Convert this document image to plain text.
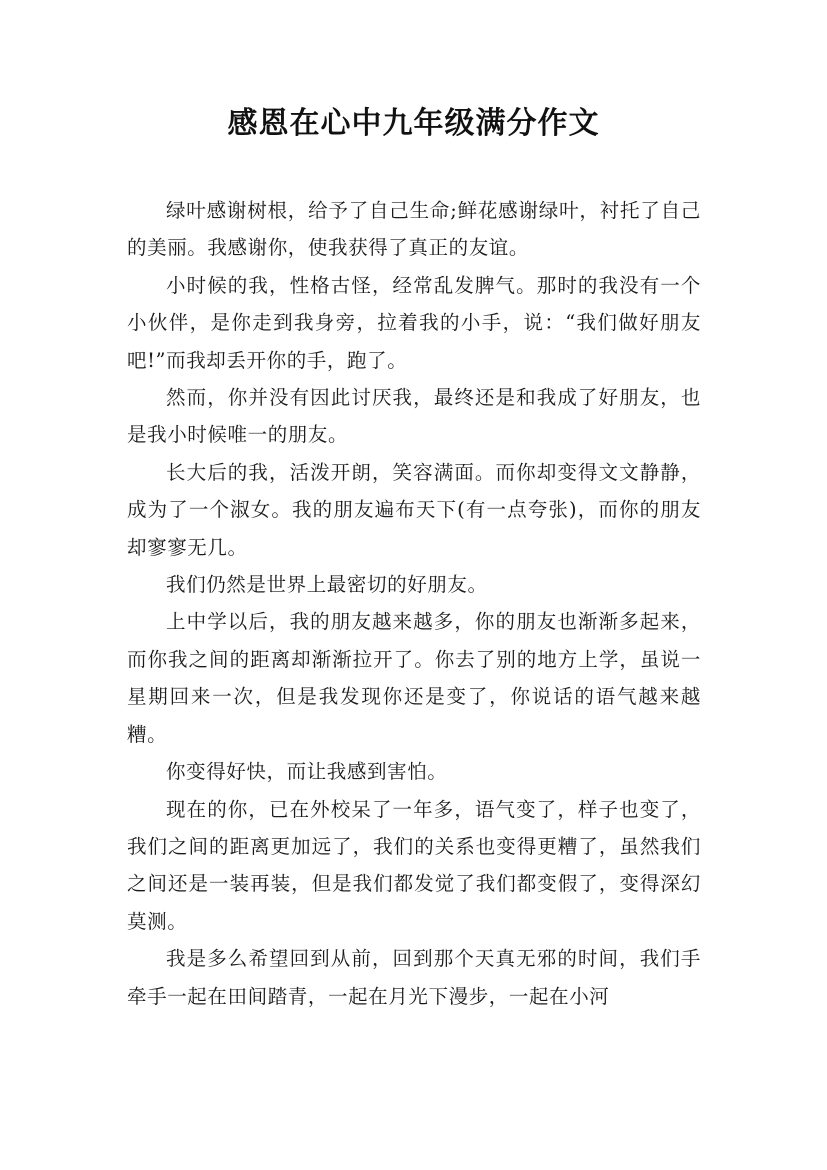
感恩在心中九年级满分作文

绿叶感谢树根，给予了自己生命;鲜花感谢绿叶，衬托了自己的美丽。我感谢你，使我获得了真正的友谊。

小时候的我，性格古怪，经常乱发脾气。那时的我没有一个小伙伴，是你走到我身旁，拉着我的小手，说：“我们做好朋友吧!”而我却丢开你的手，跑了。

然而，你并没有因此讨厌我，最终还是和我成了好朋友，也是我小时候唯一的朋友。

长大后的我，活泼开朗，笑容满面。而你却变得文文静静，成为了一个淑女。我的朋友遍布天下(有一点夸张)，而你的朋友却寥寥无几。

我们仍然是世界上最密切的好朋友。

上中学以后，我的朋友越来越多，你的朋友也渐渐多起来，而你我之间的距离却渐渐拉开了。你去了别的地方上学，虽说一星期回来一次，但是我发现你还是变了，你说话的语气越来越糟。

你变得好快，而让我感到害怕。

现在的你，已在外校呆了一年多，语气变了，样子也变了，我们之间的距离更加远了，我们的关系也变得更糟了，虽然我们之间还是一装再装，但是我们都发觉了我们都变假了，变得深幻莫测。

我是多么希望回到从前，回到那个天真无邪的时间，我们手牵手一起在田间踏青，一起在月光下漫步，一起在小河
